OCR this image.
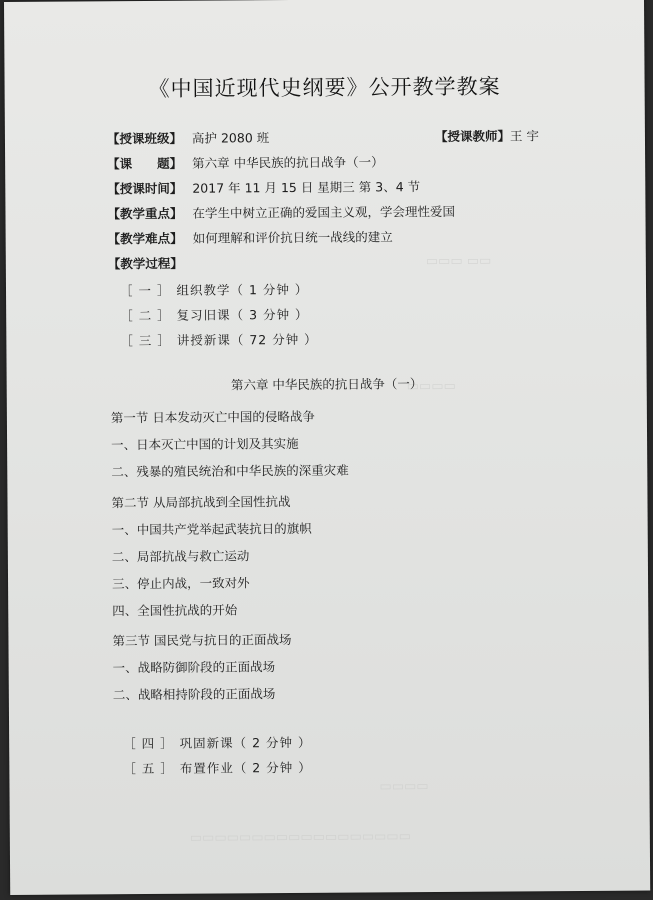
▭▭ ▭▭▭
▭▭▭▭
▭▭▭▭
▭▭▭▭▭▭▭▭▭▭▭▭▭▭▭▭▭▭
《中国近现代史纲要》公开教学教案
【授课班级】 高护 2080 班	【授课教师】王 宇
【课　　题】 第六章 中华民族的抗日战争（一）
【授课时间】 2017 年 11 月 15 日 星期三 第 3、4 节
【教学重点】 在学生中树立正确的爱国主义观，学会理性爱国
【教学难点】 如何理解和评价抗日统一战线的建立
【教学过程】
［ 一 ］ 组织教学（ 1 分钟 ）
［ 二 ］ 复习旧课（ 3 分钟 ）
［ 三 ］ 讲授新课（ 72 分钟 ）
第六章 中华民族的抗日战争（一）
第一节 日本发动灭亡中国的侵略战争
一、日本灭亡中国的计划及其实施
二、残暴的殖民统治和中华民族的深重灾难
第二节 从局部抗战到全国性抗战
一、中国共产党举起武装抗日的旗帜
二、局部抗战与救亡运动
三、停止内战，一致对外
四、全国性抗战的开始
第三节 国民党与抗日的正面战场
一、战略防御阶段的正面战场
二、战略相持阶段的正面战场
［ 四 ］ 巩固新课（ 2 分钟 ）
［ 五 ］ 布置作业（ 2 分钟 ）
